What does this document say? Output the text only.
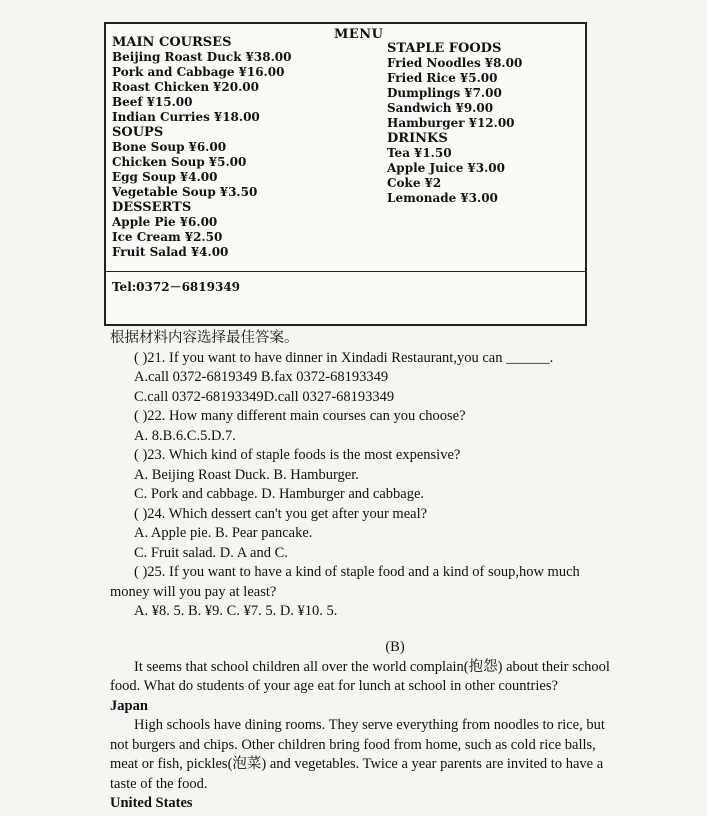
MENU
MAIN COURSES
Beijing Roast Duck ¥38.00
Pork and Cabbage ¥16.00
Roast Chicken ¥20.00
Beef ¥15.00
Indian Curries ¥18.00
SOUPS
Bone Soup ¥6.00
Chicken Soup ¥5.00
Egg Soup ¥4.00
Vegetable Soup ¥3.50
DESSERTS
Apple Pie ¥6.00
Ice Cream ¥2.50
Fruit Salad ¥4.00
STAPLE FOODS
Fried Noodles ¥8.00
Fried Rice ¥5.00
Dumplings ¥7.00
Sandwich ¥9.00
Hamburger ¥12.00
DRINKS
Tea ¥1.50
Apple Juice ¥3.00
Coke ¥2
Lemonade ¥3.00
Tel:0372－6819349
根据材料内容选择最佳答案。
( )21. If you want to have dinner in Xindadi Restaurant,you can ______.
A.call 0372-6819349 B.fax 0372-68193349
C.call 0372-68193349D.call 0327-68193349
( )22. How many different main courses can you choose?
A. 8.B.6.C.5.D.7.
( )23. Which kind of staple foods is the most expensive?
A. Beijing Roast Duck. B. Hamburger.
C. Pork and cabbage. D. Hamburger and cabbage.
( )24. Which dessert can't you get after your meal?
A. Apple pie. B. Pear pancake.
C. Fruit salad. D. A and C.
( )25. If you want to have a kind of staple food and a kind of soup,how much
money will you pay at least?
A. ¥8. 5. B. ¥9. C. ¥7. 5. D. ¥10. 5.
(B)
It seems that school children all over the world complain(抱怨) about their school
food. What do students of your age eat for lunch at school in other countries?
Japan
High schools have dining rooms. They serve everything from noodles to rice, but
not burgers and chips. Other children bring food from home, such as cold rice balls,
meat or fish, pickles(泡菜) and vegetables. Twice a year parents are invited to have a
taste of the food.
United States
